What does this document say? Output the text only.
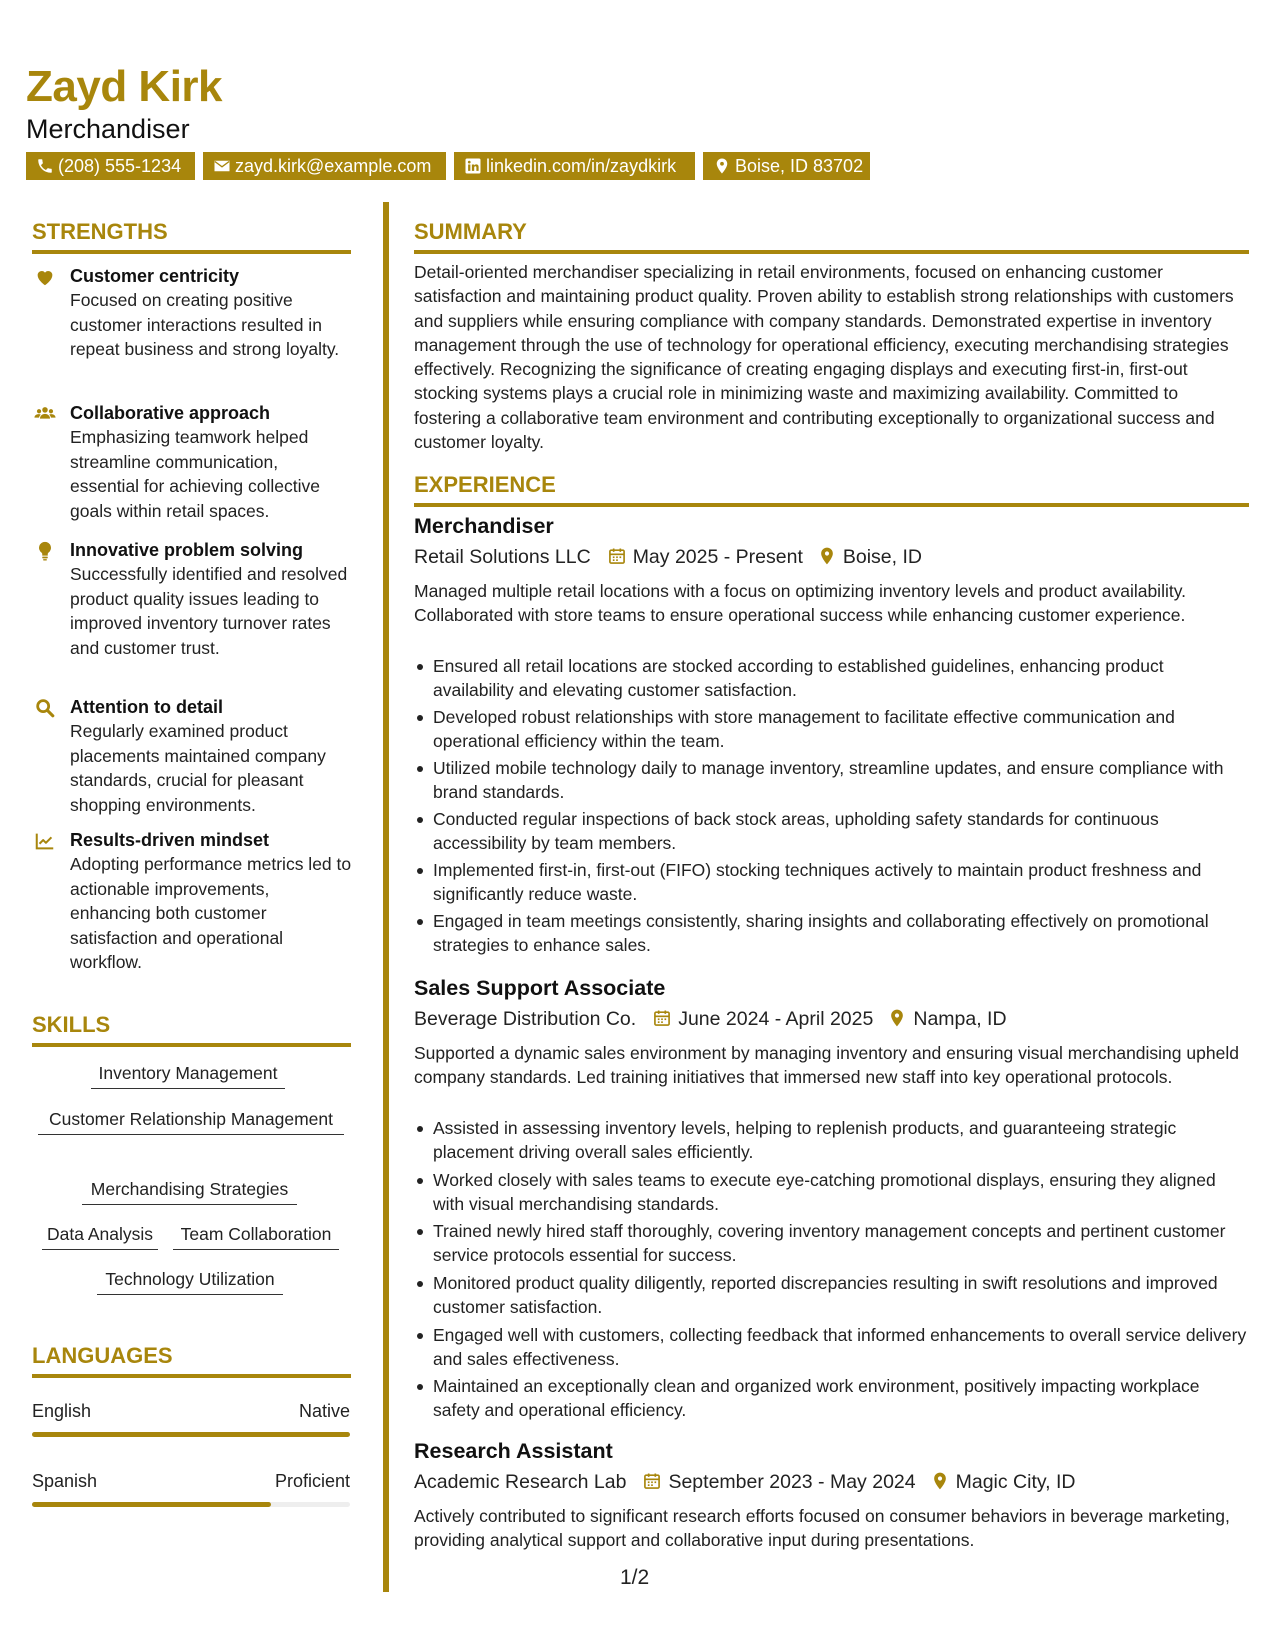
Zayd Kirk
Merchandiser
(208) 555-1234	zayd.kirk@example.com	linkedin.com/in/zaydkirk	Boise, ID 83702
STRENGTHS
Customer centricity
Focused on creating positive customer interactions resulted in repeat business and strong loyalty.
Collaborative approach
Emphasizing teamwork helped streamline communication, essential for achieving collective goals within retail spaces.
Innovative problem solving
Successfully identified and resolved product quality issues leading to improved inventory turnover rates and customer trust.
Attention to detail
Regularly examined product placements maintained company standards, crucial for pleasant shopping environments.
Results-driven mindset
Adopting performance metrics led to actionable improvements, enhancing both customer satisfaction and operational workflow.
SKILLS
Inventory Management
Customer Relationship Management
Merchandising Strategies
Data Analysis	Team Collaboration
Technology Utilization
LANGUAGES
English	Native
Spanish	Proficient
SUMMARY
Detail-oriented merchandiser specializing in retail environments, focused on enhancing customer satisfaction and maintaining product quality. Proven ability to establish strong relationships with customers and suppliers while ensuring compliance with company standards. Demonstrated expertise in inventory management through the use of technology for operational efficiency, executing merchandising strategies effectively. Recognizing the significance of creating engaging displays and executing first-in, first-out stocking systems plays a crucial role in minimizing waste and maximizing availability. Committed to fostering a collaborative team environment and contributing exceptionally to organizational success and customer loyalty.
EXPERIENCE
Merchandiser
Retail Solutions LLC May 2025 - Present Boise, ID
Managed multiple retail locations with a focus on optimizing inventory levels and product availability. Collaborated with store teams to ensure operational success while enhancing customer experience.
Ensured all retail locations are stocked according to established guidelines, enhancing product availability and elevating customer satisfaction.
Developed robust relationships with store management to facilitate effective communication and operational efficiency within the team.
Utilized mobile technology daily to manage inventory, streamline updates, and ensure compliance with brand standards.
Conducted regular inspections of back stock areas, upholding safety standards for continuous accessibility by team members.
Implemented first-in, first-out (FIFO) stocking techniques actively to maintain product freshness and significantly reduce waste.
Engaged in team meetings consistently, sharing insights and collaborating effectively on promotional strategies to enhance sales.
Sales Support Associate
Beverage Distribution Co. June 2024 - April 2025 Nampa, ID
Supported a dynamic sales environment by managing inventory and ensuring visual merchandising upheld company standards. Led training initiatives that immersed new staff into key operational protocols.
Assisted in assessing inventory levels, helping to replenish products, and guaranteeing strategic placement driving overall sales efficiently.
Worked closely with sales teams to execute eye-catching promotional displays, ensuring they aligned with visual merchandising standards.
Trained newly hired staff thoroughly, covering inventory management concepts and pertinent customer service protocols essential for success.
Monitored product quality diligently, reported discrepancies resulting in swift resolutions and improved customer satisfaction.
Engaged well with customers, collecting feedback that informed enhancements to overall service delivery and sales effectiveness.
Maintained an exceptionally clean and organized work environment, positively impacting workplace safety and operational efficiency.
Research Assistant
Academic Research Lab September 2023 - May 2024 Magic City, ID
Actively contributed to significant research efforts focused on consumer behaviors in beverage marketing, providing analytical support and collaborative input during presentations.
1/2
